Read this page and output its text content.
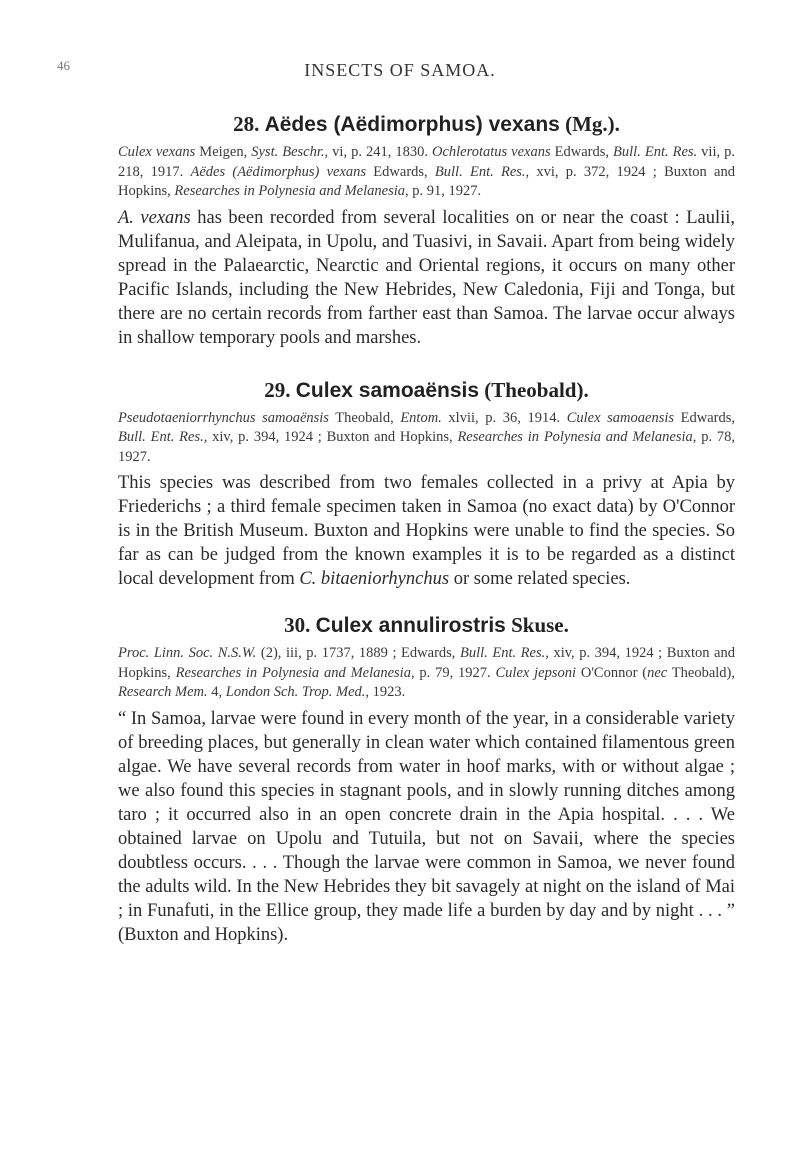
46	INSECTS OF SAMOA.
28. Aëdes (Aëdimorphus) vexans (Mg.).

Culex vexans Meigen, Syst. Beschr., vi, p. 241, 1830. Ochlerotatus vexans Edwards, Bull. Ent. Res. vii, p. 218, 1917. Aëdes (Aëdimorphus) vexans Edwards, Bull. Ent. Res., xvi, p. 372, 1924 ; Buxton and Hopkins, Researches in Polynesia and Melanesia, p. 91, 1927.

A. vexans has been recorded from several localities on or near the coast : Laulii, Mulifanua, and Aleipata, in Upolu, and Tuasivi, in Savaii. Apart from being widely spread in the Palaearctic, Nearctic and Oriental regions, it occurs on many other Pacific Islands, including the New Hebrides, New Caledonia, Fiji and Tonga, but there are no certain records from farther east than Samoa. The larvae occur always in shallow temporary pools and marshes.

29. Culex samoaënsis (Theobald).

Pseudotaeniorrhynchus samoaënsis Theobald, Entom. xlvii, p. 36, 1914. Culex samoaensis Edwards, Bull. Ent. Res., xiv, p. 394, 1924 ; Buxton and Hopkins, Researches in Polynesia and Melanesia, p. 78, 1927.

This species was described from two females collected in a privy at Apia by Friederichs ; a third female specimen taken in Samoa (no exact data) by O'Connor is in the British Museum. Buxton and Hopkins were unable to find the species. So far as can be judged from the known examples it is to be regarded as a distinct local development from C. bitaeniorhynchus or some related species.

30. Culex annulirostris Skuse.

Proc. Linn. Soc. N.S.W. (2), iii, p. 1737, 1889 ; Edwards, Bull. Ent. Res., xiv, p. 394, 1924 ; Buxton and Hopkins, Researches in Polynesia and Melanesia, p. 79, 1927. Culex jepsoni O'Connor (nec Theobald), Research Mem. 4, London Sch. Trop. Med., 1923.

“ In Samoa, larvae were found in every month of the year, in a considerable variety of breeding places, but generally in clean water which contained filamentous green algae. We have several records from water in hoof marks, with or without algae ; we also found this species in stagnant pools, and in slowly running ditches among taro ; it occurred also in an open concrete drain in the Apia hospital. . . . We obtained larvae on Upolu and Tutuila, but not on Savaii, where the species doubtless occurs. . . . Though the larvae were common in Samoa, we never found the adults wild. In the New Hebrides they bit savagely at night on the island of Mai ; in Funafuti, in the Ellice group, they made life a burden by day and by night . . . ” (Buxton and Hopkins).
